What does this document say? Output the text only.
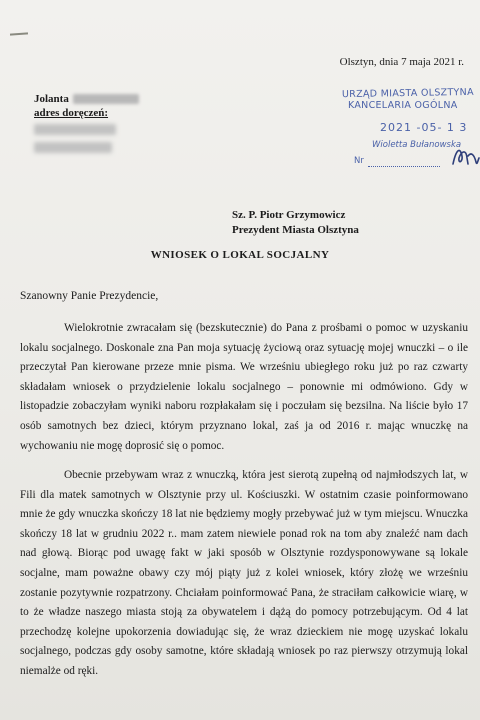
Olsztyn, dnia 7 maja 2021 r.
Jolanta
adres doręczeń:
URZĄD MIASTA OLSZTYNA
KANCELARIA OGÓLNA
2021 -05- 1 3
Wioletta Bułanowska
Nr
Sz. P. Piotr Grzymowicz
Prezydent Miasta Olsztyna
WNIOSEK O LOKAL SOCJALNY
Szanowny Panie Prezydencie,

Wielokrotnie zwracałam się (bezskutecznie) do Pana z prośbami o pomoc w uzyskaniu lokalu socjalnego. Doskonale zna Pan moja sytuację życiową oraz sytuację mojej wnuczki – o ile przeczytał Pan kierowane przeze mnie pisma. We wrześniu ubiegłego roku już po raz czwarty składałam wniosek o przydzielenie lokalu socjalnego – ponownie mi odmówiono. Gdy w listopadzie zobaczyłam wyniki naboru rozpłakałam się i poczułam się bezsilna. Na liście było 17 osób samotnych bez dzieci, którym przyznano lokal, zaś ja od 2016 r. mając wnuczkę na wychowaniu nie mogę doprosić się o pomoc.

Obecnie przebywam wraz z wnuczką, która jest sierotą zupełną od najmłodszych lat, w Fili dla matek samotnych w Olsztynie przy ul. Kościuszki. W ostatnim czasie poinformowano mnie że gdy wnuczka skończy 18 lat nie będziemy mogły przebywać już w tym miejscu. Wnuczka skończy 18 lat w grudniu 2022 r.. mam zatem niewiele ponad rok na tom aby znaleźć nam dach nad głową. Biorąc pod uwagę fakt w jaki sposób w Olsztynie rozdysponowywane są lokale socjalne, mam poważne obawy czy mój piąty już z kolei wniosek, który złożę we wrześniu zostanie pozytywnie rozpatrzony. Chciałam poinformować Pana, że straciłam całkowicie wiarę, w to że władze naszego miasta stoją za obywatelem i dążą do pomocy potrzebującym. Od 4 lat przechodzę kolejne upokorzenia dowiadując się, że wraz dzieckiem nie mogę uzyskać lokalu socjalnego, podczas gdy osoby samotne, które składają wniosek po raz pierwszy otrzymują lokal niemalże od ręki.
